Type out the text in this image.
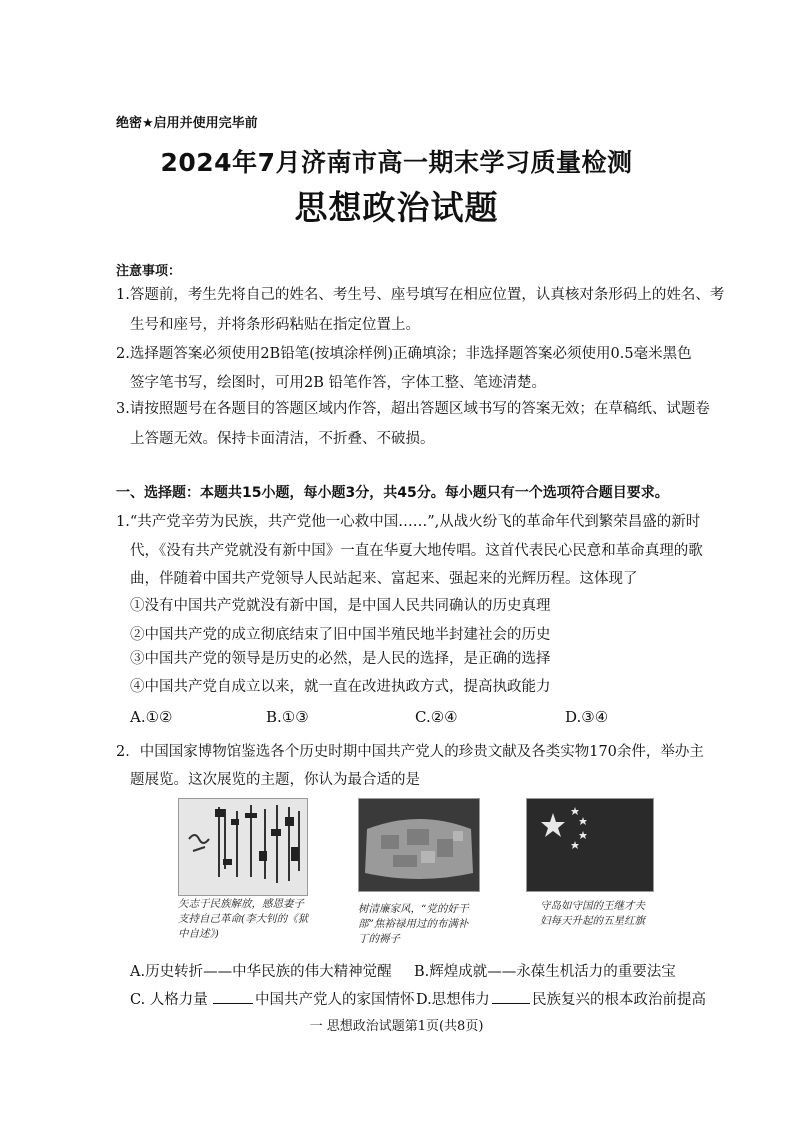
绝密★启用并使用完毕前
2024年7月济南市高一期末学习质量检测
思想政治试题
注意事项：
1.答题前，考生先将自己的姓名、考生号、座号填写在相应位置，认真核对条形码上的姓名、考
生号和座号，并将条形码粘贴在指定位置上。
2.选择题答案必须使用2B铅笔(按填涂样例)正确填涂；非选择题答案必须使用0.5毫米黑色
签字笔书写，绘图时，可用2B 铅笔作答，字体工整、笔迹清楚。
3.请按照题号在各题目的答题区域内作答，超出答题区域书写的答案无效；在草稿纸、试题卷
上答题无效。保持卡面清洁，不折叠、不破损。
一、选择题：本题共15小题，每小题3分，共45分。每小题只有一个选项符合题目要求。
1.“共产党辛劳为民族，共产党他一心救中国……”,从战火纷飞的革命年代到繁荣昌盛的新时
代，《没有共产党就没有新中国》一直在华夏大地传唱。这首代表民心民意和革命真理的歌
曲，伴随着中国共产党领导人民站起来、富起来、强起来的光辉历程。这体现了
①没有中国共产党就没有新中国，是中国人民共同确认的历史真理
②中国共产党的成立彻底结束了旧中国半殖民地半封建社会的历史
③中国共产党的领导是历史的必然，是人民的选择，是正确的选择
④中国共产党自成立以来，就一直在改进执政方式，提高执政能力
A.①②	B.①③	C.②④	D.③④
2．中国国家博物馆鉴选各个历史时期中国共产党人的珍贵文献及各类实物170余件，举办主
题展览。这次展览的主题，你认为最合适的是
矢志于民族解放，感恩妻子支持自己革命(李大钊的《狱中自述》)
树清廉家风，“党的好干部”焦裕禄用过的布满补丁的褥子
守岛如守国的王继才夫妇每天升起的五星红旗
A.历史转折——中华民族的伟大精神觉醒 B.辉煌成就——永葆生机活力的重要法宝
C. 人格力量	中国共产党人的家国情怀 D.思想伟力	民族复兴的根本政治前提高
一 思想政治试题第1页(共8页)
